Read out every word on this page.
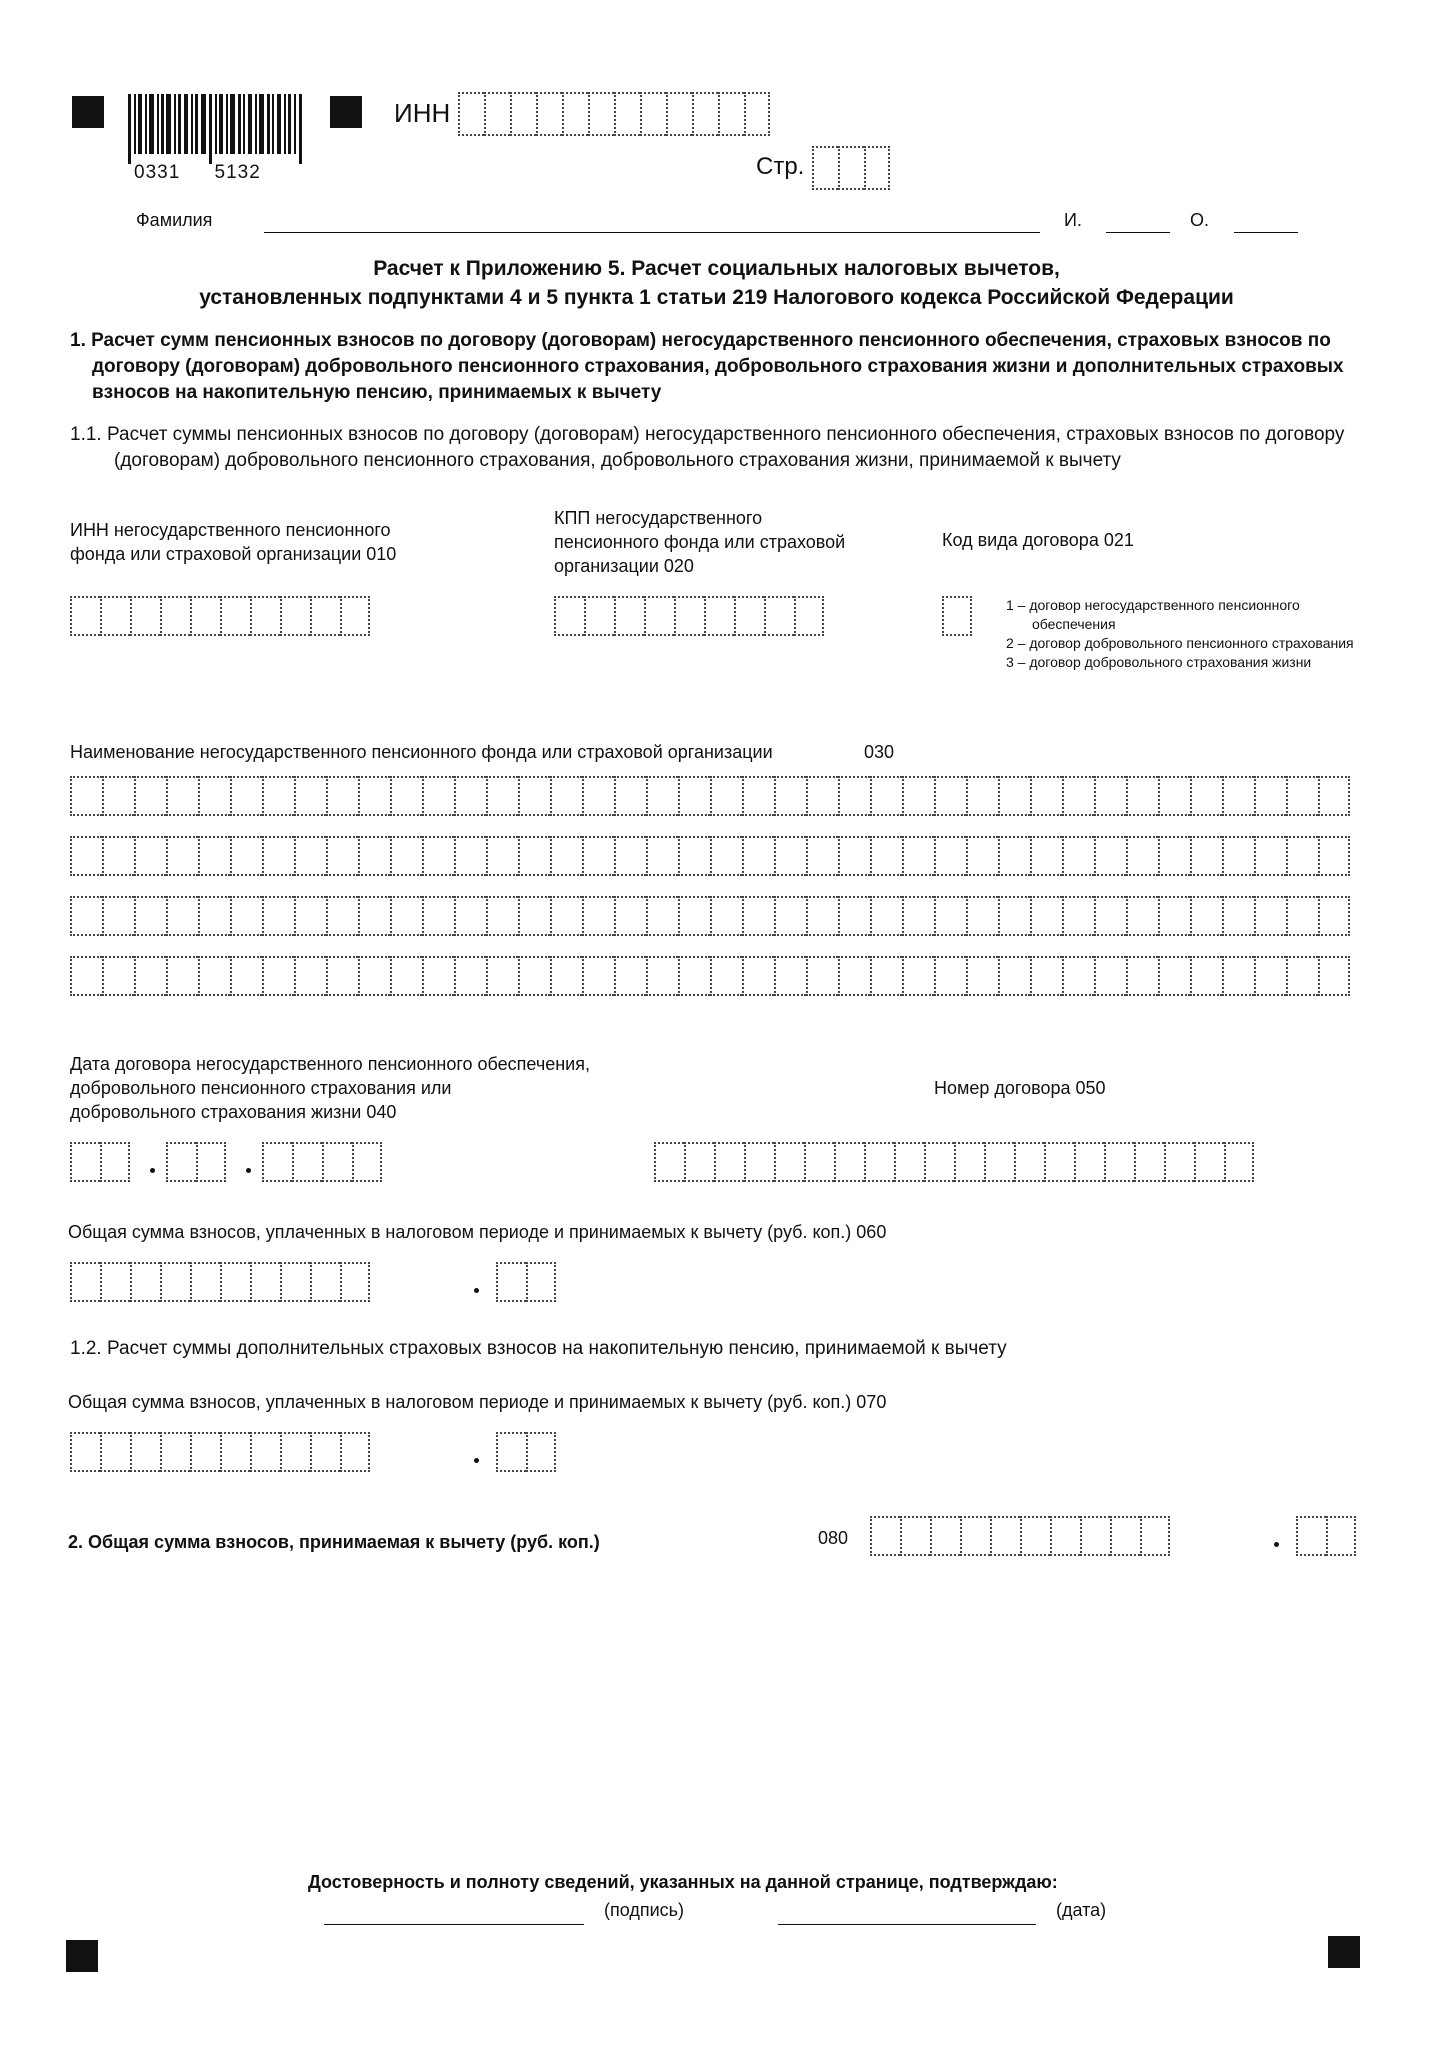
0331 5132
ИНН
Стр.
Фамилия	И.	О.
Расчет к Приложению 5. Расчет социальных налоговых вычетов,
установленных подпунктами 4 и 5 пункта 1 статьи 219 Налогового кодекса Российской Федерации
1. Расчет сумм пенсионных взносов по договору (договорам) негосударственного пенсионного обеспечения, страховых взносов по договору (договорам) добровольного пенсионного страхования, добровольного страхования жизни и дополнительных страховых взносов на накопительную пенсию, принимаемых к вычету
1.1. Расчет суммы пенсионных взносов по договору (договорам) негосударственного пенсионного обеспечения, страховых взносов по договору (договорам) добровольного пенсионного страхования, добровольного страхования жизни, принимаемой к вычету
ИНН негосударственного пенсионного
фонда или страховой организации 010
КПП негосударственного
пенсионного фонда или страховой
организации 020
Код вида договора 021
1 – договор негосударственного пенсионного обеспечения
2 – договор добровольного пенсионного страхования
3 – договор добровольного страхования жизни
Наименование негосударственного пенсионного фонда или страховой организации	030
Дата договора негосударственного пенсионного обеспечения,
добровольного пенсионного страхования или
добровольного страхования жизни 040
Номер договора 050
Общая сумма взносов, уплаченных в налоговом периоде и принимаемых к вычету (руб. коп.) 060
1.2. Расчет суммы дополнительных страховых взносов на накопительную пенсию, принимаемой к вычету
Общая сумма взносов, уплаченных в налоговом периоде и принимаемых к вычету (руб. коп.) 070
2. Общая сумма взносов, принимаемая к вычету (руб. коп.)	080
Достоверность и полноту сведений, указанных на данной странице, подтверждаю:
(подпись)	(дата)
